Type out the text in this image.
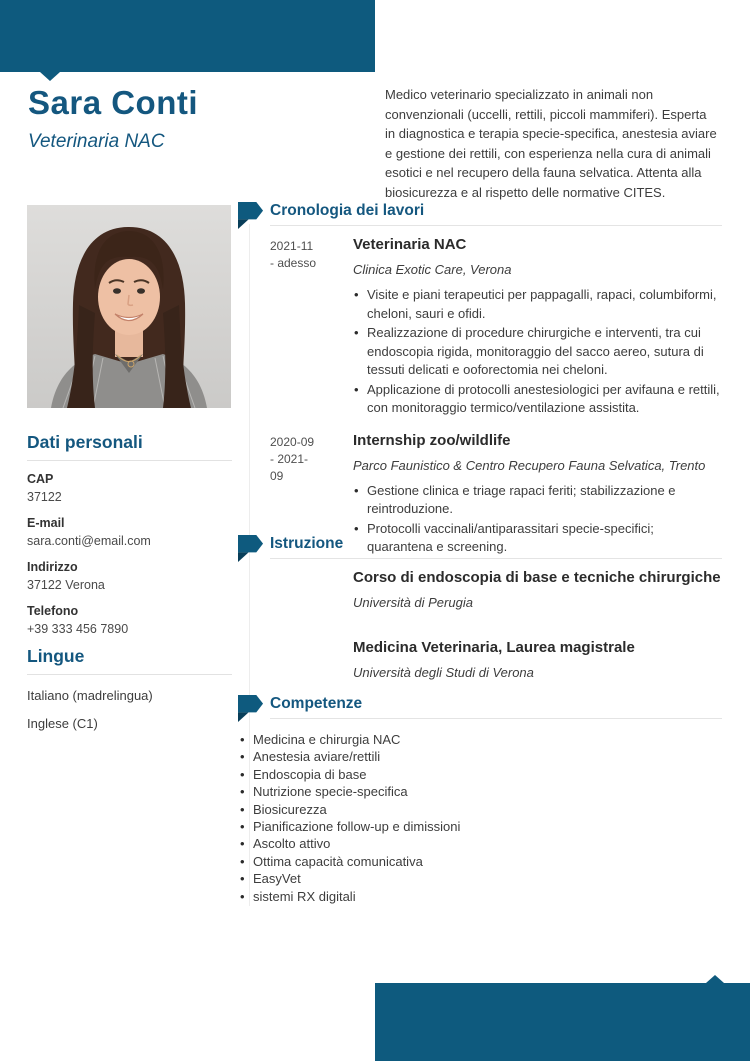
Sara Conti
Veterinaria NAC
Medico veterinario specializzato in animali non convenzionali (uccelli, rettili, piccoli mammiferi). Esperta in diagnostica e terapia specie-specifica, anestesia aviare e gestione dei rettili, con esperienza nella cura di animali esotici e nel recupero della fauna selvatica. Attenta alla biosicurezza e al rispetto delle normative CITES.
Dati personali
CAP
37122
E-mail
sara.conti@email.com
Indirizzo
37122 Verona
Telefono
+39 333 456 7890
Lingue
Italiano (madrelingua)
Inglese (C1)
Cronologia dei lavori
2021-11
- adesso
Veterinaria NAC
Clinica Exotic Care, Verona
• Visite e piani terapeutici per pappagalli, rapaci, columbiformi, cheloni, sauri e ofidi.
• Realizzazione di procedure chirurgiche e interventi, tra cui endoscopia rigida, monitoraggio del sacco aereo, sutura di tessuti delicati e ooforectomia nei cheloni.
• Applicazione di protocolli anestesiologici per avifauna e rettili, con monitoraggio termico/ventilazione assistita.
2020-09
- 2021-09
Internship zoo/wildlife
Parco Faunistico & Centro Recupero Fauna Selvatica, Trento
• Gestione clinica e triage rapaci feriti; stabilizzazione e reintroduzione.
• Protocolli vaccinali/antiparassitari specie-specifici; quarantena e screening.
Istruzione
Corso di endoscopia di base e tecniche chirurgiche
Università di Perugia
Medicina Veterinaria, Laurea magistrale
Università degli Studi di Verona
Competenze
• Medicina e chirurgia NAC
• Anestesia aviare/rettili
• Endoscopia di base
• Nutrizione specie-specifica
• Biosicurezza
• Pianificazione follow-up e dimissioni
• Ascolto attivo
• Ottima capacità comunicativa
• EasyVet
• sistemi RX digitali
